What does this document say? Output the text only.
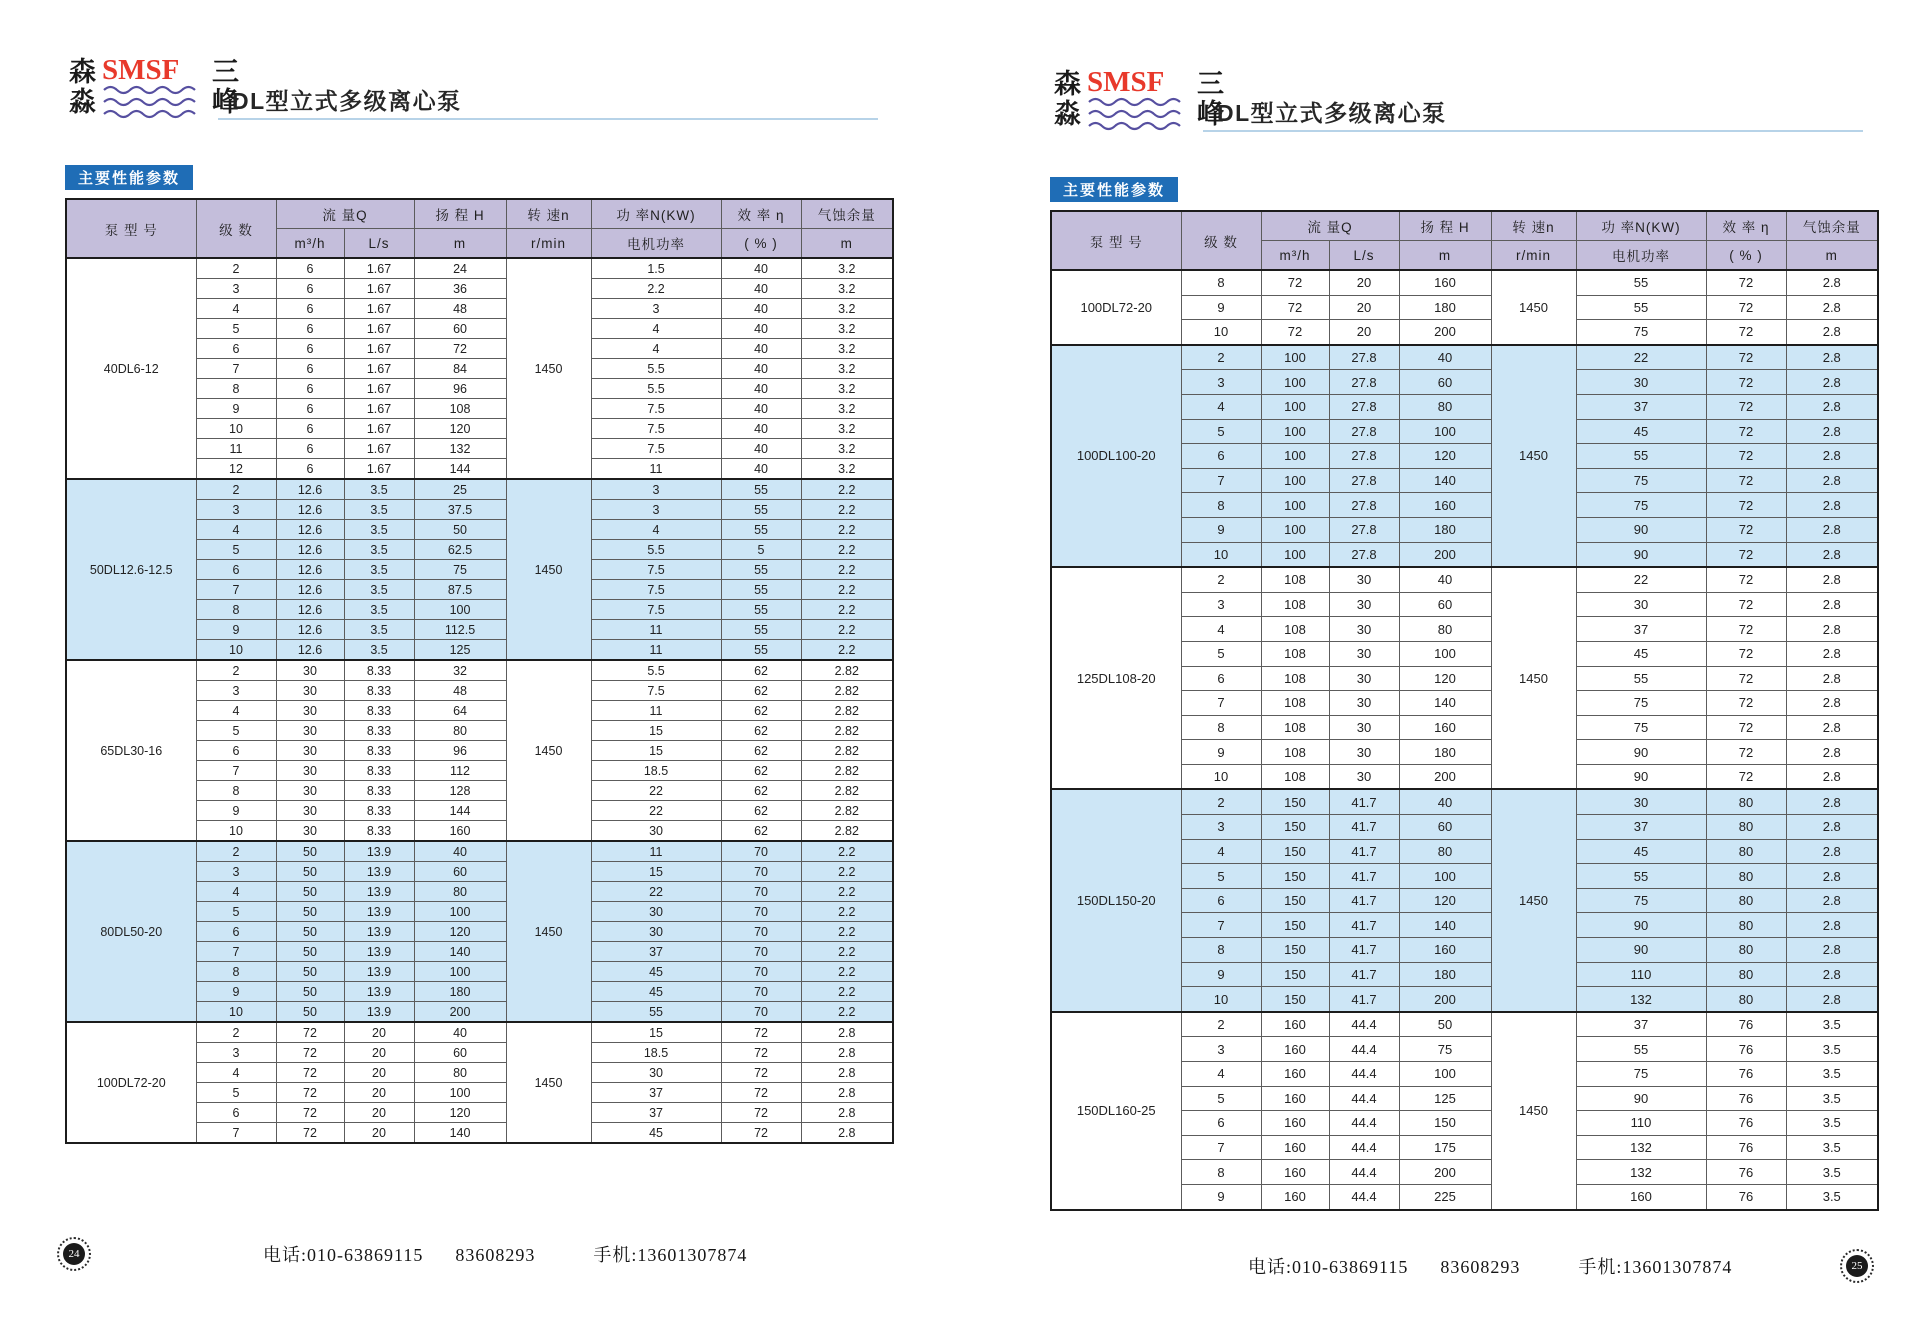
森
淼
SMSF 三
峰
DL型立式多级离心泵
主要性能参数
泵 型 号	级 数	流 量Q		扬 程 H	转 速n	功 率N(KW)	效 率 η	气蚀余量
		m³/h	L/s	m	r/min	电机功率	( % )	m
40DL6-12	2	6	1.67	24	1450	1.5	40	3.2
	3	6	1.67	36		2.2	40	3.2
	4	6	1.67	48		3	40	3.2
	5	6	1.67	60		4	40	3.2
	6	6	1.67	72		4	40	3.2
	7	6	1.67	84		5.5	40	3.2
	8	6	1.67	96		5.5	40	3.2
	9	6	1.67	108		7.5	40	3.2
	10	6	1.67	120		7.5	40	3.2
	11	6	1.67	132		7.5	40	3.2
	12	6	1.67	144		11	40	3.2
50DL12.6-12.5	2	12.6	3.5	25	1450	3	55	2.2
	3	12.6	3.5	37.5		3	55	2.2
	4	12.6	3.5	50		4	55	2.2
	5	12.6	3.5	62.5		5.5	5	2.2
	6	12.6	3.5	75		7.5	55	2.2
	7	12.6	3.5	87.5		7.5	55	2.2
	8	12.6	3.5	100		7.5	55	2.2
	9	12.6	3.5	112.5		11	55	2.2
	10	12.6	3.5	125		11	55	2.2
65DL30-16	2	30	8.33	32	1450	5.5	62	2.82
	3	30	8.33	48		7.5	62	2.82
	4	30	8.33	64		11	62	2.82
	5	30	8.33	80		15	62	2.82
	6	30	8.33	96		15	62	2.82
	7	30	8.33	112		18.5	62	2.82
	8	30	8.33	128		22	62	2.82
	9	30	8.33	144		22	62	2.82
	10	30	8.33	160		30	62	2.82
80DL50-20	2	50	13.9	40	1450	11	70	2.2
	3	50	13.9	60		15	70	2.2
	4	50	13.9	80		22	70	2.2
	5	50	13.9	100		30	70	2.2
	6	50	13.9	120		30	70	2.2
	7	50	13.9	140		37	70	2.2
	8	50	13.9	100		45	70	2.2
	9	50	13.9	180		45	70	2.2
	10	50	13.9	200		55	70	2.2
100DL72-20	2	72	20	40	1450	15	72	2.8
	3	72	20	60		18.5	72	2.8
	4	72	20	80		30	72	2.8
	5	72	20	100		37	72	2.8
	6	72	20	120		37	72	2.8
	7	72	20	140		45	72	2.8
24	电话:010-63869115 83608293	手机:13601307874
森
淼
SMSF 三
峰
DL型立式多级离心泵
主要性能参数
泵 型 号	级 数	流 量Q		扬 程 H	转 速n	功 率N(KW)	效 率 η	气蚀余量
		m³/h	L/s	m	r/min	电机功率	( % )	m
100DL72-20	8	72	20	160	1450	55	72	2.8
	9	72	20	180		55	72	2.8
	10	72	20	200		75	72	2.8
100DL100-20	2	100	27.8	40	1450	22	72	2.8
	3	100	27.8	60		30	72	2.8
	4	100	27.8	80		37	72	2.8
	5	100	27.8	100		45	72	2.8
	6	100	27.8	120		55	72	2.8
	7	100	27.8	140		75	72	2.8
	8	100	27.8	160		75	72	2.8
	9	100	27.8	180		90	72	2.8
	10	100	27.8	200		90	72	2.8
125DL108-20	2	108	30	40	1450	22	72	2.8
	3	108	30	60		30	72	2.8
	4	108	30	80		37	72	2.8
	5	108	30	100		45	72	2.8
	6	108	30	120		55	72	2.8
	7	108	30	140		75	72	2.8
	8	108	30	160		75	72	2.8
	9	108	30	180		90	72	2.8
	10	108	30	200		90	72	2.8
150DL150-20	2	150	41.7	40	1450	30	80	2.8
	3	150	41.7	60		37	80	2.8
	4	150	41.7	80		45	80	2.8
	5	150	41.7	100		55	80	2.8
	6	150	41.7	120		75	80	2.8
	7	150	41.7	140		90	80	2.8
	8	150	41.7	160		90	80	2.8
	9	150	41.7	180		110	80	2.8
	10	150	41.7	200		132	80	2.8
150DL160-25	2	160	44.4	50	1450	37	76	3.5
	3	160	44.4	75		55	76	3.5
	4	160	44.4	100		75	76	3.5
	5	160	44.4	125		90	76	3.5
	6	160	44.4	150		110	76	3.5
	7	160	44.4	175		132	76	3.5
	8	160	44.4	200		132	76	3.5
	9	160	44.4	225		160	76	3.5
电话:010-63869115 83608293	手机:13601307874	25
